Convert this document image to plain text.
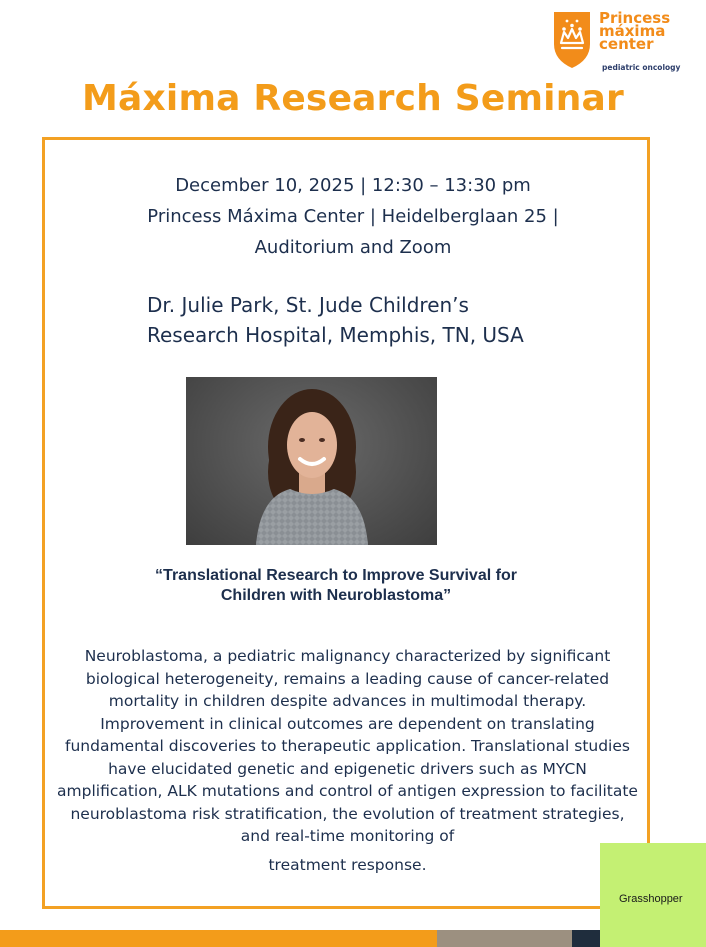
Princess
máxima
center
pediatric oncology
Máxima Research Seminar
December 10, 2025 | 12:30 – 13:30 pm
Princess Máxima Center | Heidelberglaan 25 |
Auditorium and Zoom
Dr. Julie Park, St. Jude Children’s
Research Hospital, Memphis, TN, USA
“Translational Research to Improve Survival for
Children with Neuroblastoma”
Neuroblastoma, a pediatric malignancy characterized by significant biological heterogeneity, remains a leading cause of cancer-related mortality in children despite advances in multimodal therapy. Improvement in clinical outcomes are dependent on translating fundamental discoveries to therapeutic application. Translational studies have elucidated genetic and epigenetic drivers such as MYCN amplification, ALK mutations and control of antigen expression to facilitate neuroblastoma risk stratification, the evolution of treatment strategies, and real-time monitoring of
treatment response.
Grasshopper
